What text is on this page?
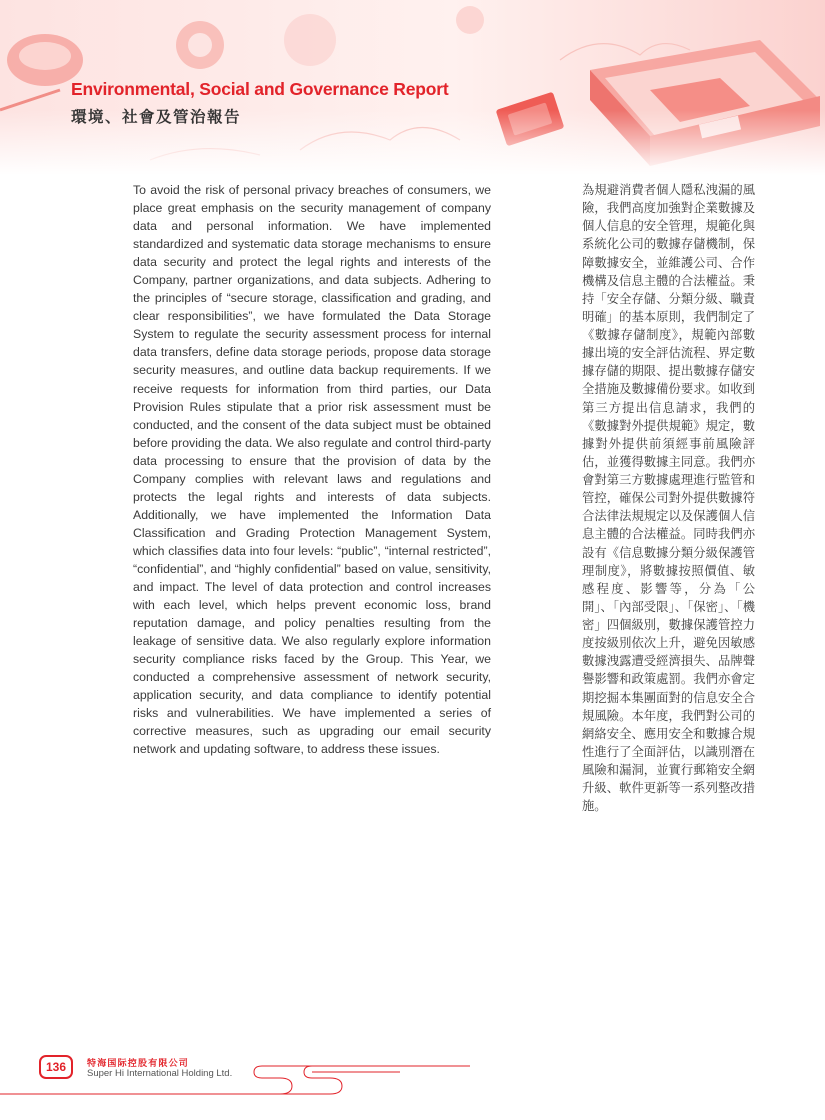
Environmental, Social and Governance Report
環境、社會及管治報告

To avoid the risk of personal privacy breaches of consumers, we place great emphasis on the security management of company data and personal information. We have implemented standardized and systematic data storage mechanisms to ensure data security and protect the legal rights and interests of the Company, partner organizations, and data subjects. Adhering to the principles of “secure storage, classification and grading, and clear responsibilities”, we have formulated the Data Storage System to regulate the security assessment process for internal data transfers, define data storage periods, propose data storage security measures, and outline data backup requirements. If we receive requests for information from third parties, our Data Provision Rules stipulate that a prior risk assessment must be conducted, and the consent of the data subject must be obtained before providing the data. We also regulate and control third-party data processing to ensure that the provision of data by the Company complies with relevant laws and regulations and protects the legal rights and interests of data subjects. Additionally, we have implemented the Information Data Classification and Grading Protection Management System, which classifies data into four levels: “public”, “internal restricted”, “confidential”, and “highly confidential” based on value, sensitivity, and impact. The level of data protection and control increases with each level, which helps prevent economic loss, brand reputation damage, and policy penalties resulting from the leakage of sensitive data. We also regularly explore information security compliance risks faced by the Group. This Year, we conducted a comprehensive assessment of network security, application security, and data compliance to identify potential risks and vulnerabilities. We have implemented a series of corrective measures, such as upgrading our email security network and updating software, to address these issues.

為規避消費者個人隱私洩漏的風險，我們高度加強對企業數據及個人信息的安全管理，規範化與系統化公司的數據存儲機制，保障數據安全，並維護公司、合作機構及信息主體的合法權益。秉持「安全存儲、分類分級、職責明確」的基本原則，我們制定了《數據存儲制度》，規範內部數據出境的安全評估流程、界定數據存儲的期限、提出數據存儲安全措施及數據備份要求。如收到第三方提出信息請求，我們的《數據對外提供規範》規定，數據對外提供前須經事前風險評估，並獲得數據主同意。我們亦會對第三方數據處理進行監管和管控，確保公司對外提供數據符合法律法規規定以及保護個人信息主體的合法權益。同時我們亦設有《信息數據分類分級保護管理制度》，將數據按照價值、敏感程度、影響等，分為「公開」、「內部受限」、「保密」、「機密」四個級別，數據保護管控力度按級別依次上升，避免因敏感數據洩露遭受經濟損失、品牌聲譽影響和政策處罰。我們亦會定期挖掘本集團面對的信息安全合規風險。本年度，我們對公司的網絡安全、應用安全和數據合規性進行了全面評估，以識別潛在風險和漏洞，並實行郵箱安全網升級、軟件更新等一系列整改措施。

136	特海国际控股有限公司
Super Hi International Holding Ltd.
